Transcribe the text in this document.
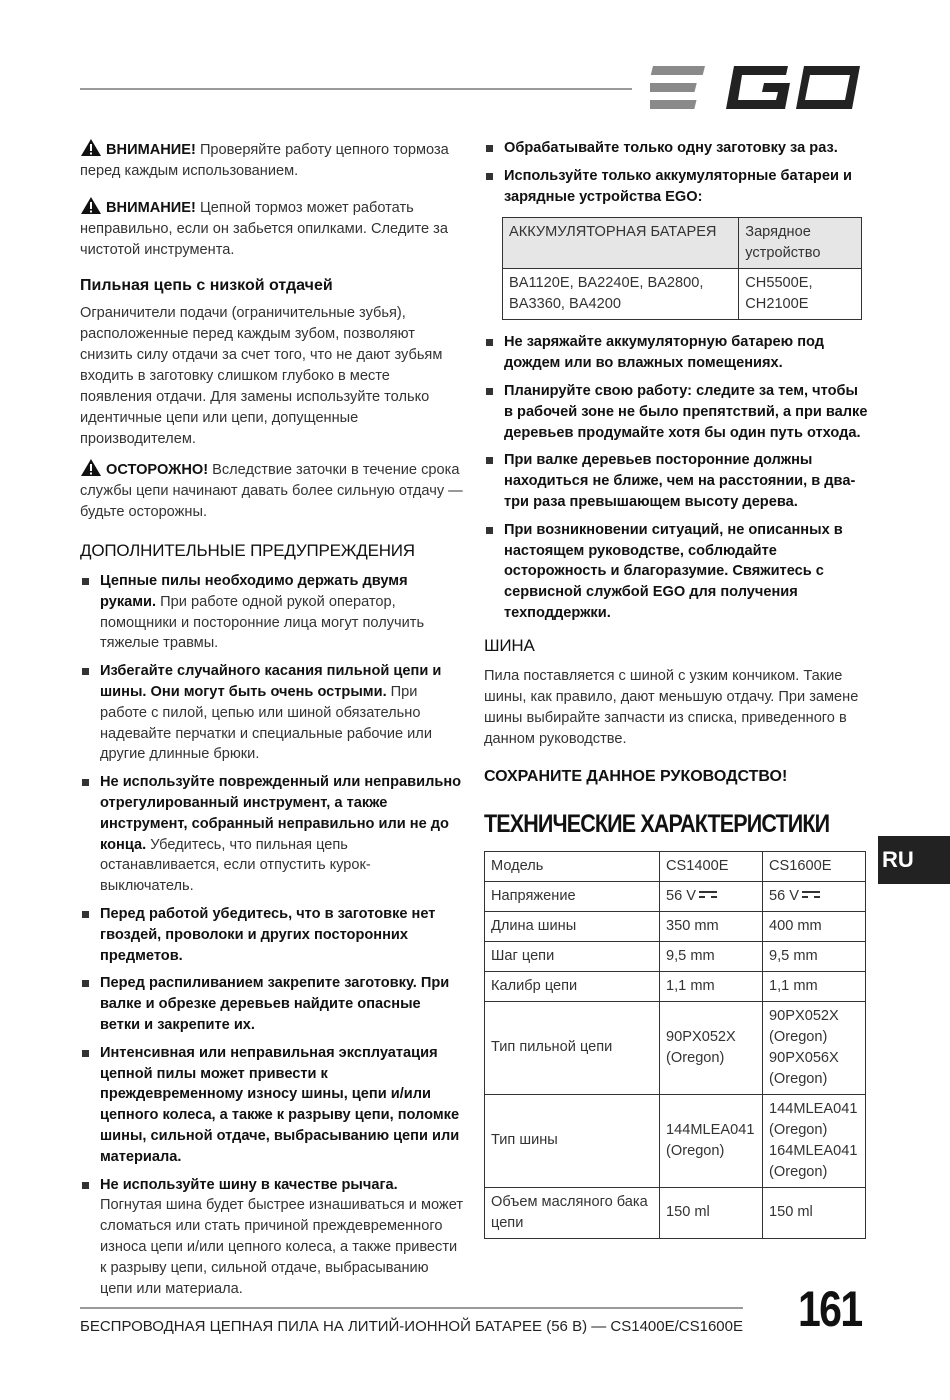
ВНИМАНИЕ! Проверяйте работу цепного тормоза перед каждым использованием.

ВНИМАНИЕ! Цепной тормоз может работать неправильно, если он забьется опилками. Следите за чистотой инструмента.

Пильная цепь с низкой отдачей

Ограничители подачи (ограничительные зубья), расположенные перед каждым зубом, позволяют снизить силу отдачи за счет того, что не дают зубьям входить в заготовку слишком глубоко в месте появления отдачи. Для замены используйте только идентичные цепи или цепи, допущенные производителем.

ОСТОРОЖНО! Вследствие заточки в течение срока службы цепи начинают давать более сильную отдачу — будьте осторожны.

ДОПОЛНИТЕЛЬНЫЕ ПРЕДУПРЕЖДЕНИЯ

Цепные пилы необходимо держать двумя руками. При работе одной рукой оператор, помощники и посторонние лица могут получить тяжелые травмы.
Избегайте случайного касания пильной цепи и шины. Они могут быть очень острыми. При работе с пилой, цепью или шиной обязательно надевайте перчатки и специальные рабочие или другие длинные брюки.
Не используйте поврежденный или неправильно отрегулированный инструмент, а также инструмент, собранный неправильно или не до конца. Убедитесь, что пильная цепь останавливается, если отпустить курок-выключатель.
Перед работой убедитесь, что в заготовке нет гвоздей, проволоки и других посторонних предметов.
Перед распиливанием закрепите заготовку. При валке и обрезке деревьев найдите опасные ветки и закрепите их.
Интенсивная или неправильная эксплуатация цепной пилы может привести к преждевременному износу шины, цепи и/или цепного колеса, а также к разрыву цепи, поломке шины, сильной отдаче, выбрасыванию цепи или материала.
Не используйте шину в качестве рычага. Погнутая шина будет быстрее изнашиваться и может сломаться или стать причиной преждевременного износа цепи и/или цепного колеса, а также привести к разрыву цепи, сильной отдаче, выбрасыванию цепи или материала.
Обрабатывайте только одну заготовку за раз.
Используйте только аккумуляторные батареи и зарядные устройства EGO:
АККУМУЛЯТОРНАЯ БАТАРЕЯ	Зарядное устройство
BA1120E, BA2240E, BA2800, BA3360, BA4200	CH5500E, CH2100E
Не заряжайте аккумуляторную батарею под дождем или во влажных помещениях.
Планируйте свою работу: следите за тем, чтобы в рабочей зоне не было препятствий, а при валке деревьев продумайте хотя бы один путь отхода.
При валке деревьев посторонние должны находиться не ближе, чем на расстоянии, в два-три раза превышающем высоту дерева.
При возникновении ситуаций, не описанных в настоящем руководстве, соблюдайте осторожность и благоразумие. Свяжитесь с сервисной службой EGO для получения техподдержки.

ШИНА

Пила поставляется с шиной с узким кончиком. Такие шины, как правило, дают меньшую отдачу. При замене шины выбирайте запчасти из списка, приведенного в данном руководстве.

СОХРАНИТЕ ДАННОЕ РУКОВОДСТВО!

ТЕХНИЧЕСКИЕ ХАРАКТЕРИСТИКИ

Модель	CS1400E	CS1600E
Напряжение	56 V	56 V
Длина шины	350 mm	400 mm
Шаг цепи	9,5 mm	9,5 mm
Калибр цепи	1,1 mm	1,1 mm
Тип пильной цепи	90PX052X (Oregon)	90PX052X (Oregon) 90PX056X (Oregon)
Тип шины	144MLEA041 (Oregon)	144MLEA041 (Oregon) 164MLEA041 (Oregon)
Объем масляного бака цепи	150 ml	150 ml
RU
БЕСПРОВОДНАЯ ЦЕПНАЯ ПИЛА НА ЛИТИЙ-ИОННОЙ БАТАРЕЕ (56 В) — CS1400E/CS1600E 161
